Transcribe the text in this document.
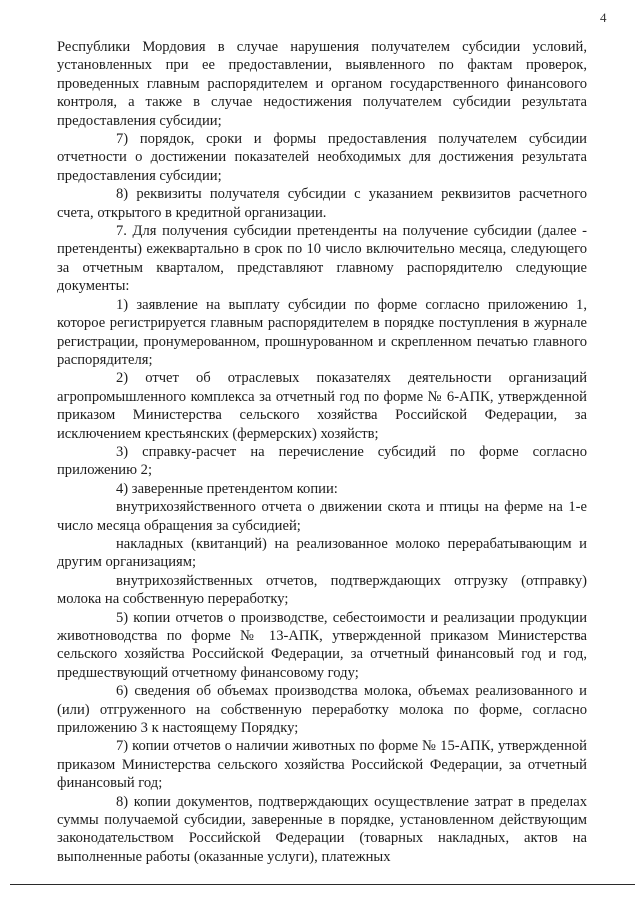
4

Республики Мордовия в случае нарушения получателем субсидии условий, установленных при ее предоставлении, выявленного по фактам проверок, проведенных главным распорядителем и органом государственного финансового контроля, а также в случае недостижения получателем субсидии результата предоставления субсидии;

7) порядок, сроки и формы предоставления получателем субсидии отчетности о достижении показателей необходимых для достижения результата предоставления субсидии;

8) реквизиты получателя субсидии с указанием реквизитов расчетного счета, открытого в кредитной организации.

7. Для получения субсидии претенденты на получение субсидии (далее - претенденты) ежеквартально в срок по 10 число включительно месяца, следующего за отчетным кварталом, представляют главному распорядителю следующие документы:

1) заявление на выплату субсидии по форме согласно приложению 1, которое регистрируется главным распорядителем в порядке поступления в журнале регистрации, пронумерованном, прошнурованном и скрепленном печатью главного распорядителя;

2) отчет об отраслевых показателях деятельности организаций агропромышленного комплекса за отчетный год по форме № 6-АПК, утвержденной приказом Министерства сельского хозяйства Российской Федерации, за исключением крестьянских (фермерских) хозяйств;

3) справку-расчет на перечисление субсидий по форме согласно приложению 2;

4) заверенные претендентом копии:

внутрихозяйственного отчета о движении скота и птицы на ферме на 1-е число месяца обращения за субсидией;

накладных (квитанций) на реализованное молоко перерабатывающим и другим организациям;

внутрихозяйственных отчетов, подтверждающих отгрузку (отправку) молока на собственную переработку;

5) копии отчетов о производстве, себестоимости и реализации продукции животноводства по форме № 13-АПК, утвержденной приказом Министерства сельского хозяйства Российской Федерации, за отчетный финансовый год и год, предшествующий отчетному финансовому году;

6) сведения об объемах производства молока, объемах реализованного и (или) отгруженного на собственную переработку молока по форме, согласно приложению 3 к настоящему Порядку;

7) копии отчетов о наличии животных по форме № 15-АПК, утвержденной приказом Министерства сельского хозяйства Российской Федерации, за отчетный финансовый год;

8) копии документов, подтверждающих осуществление затрат в пределах суммы получаемой субсидии, заверенные в порядке, установленном действующим законодательством Российской Федерации (товарных накладных, актов на выполненные работы (оказанные услуги), платежных
